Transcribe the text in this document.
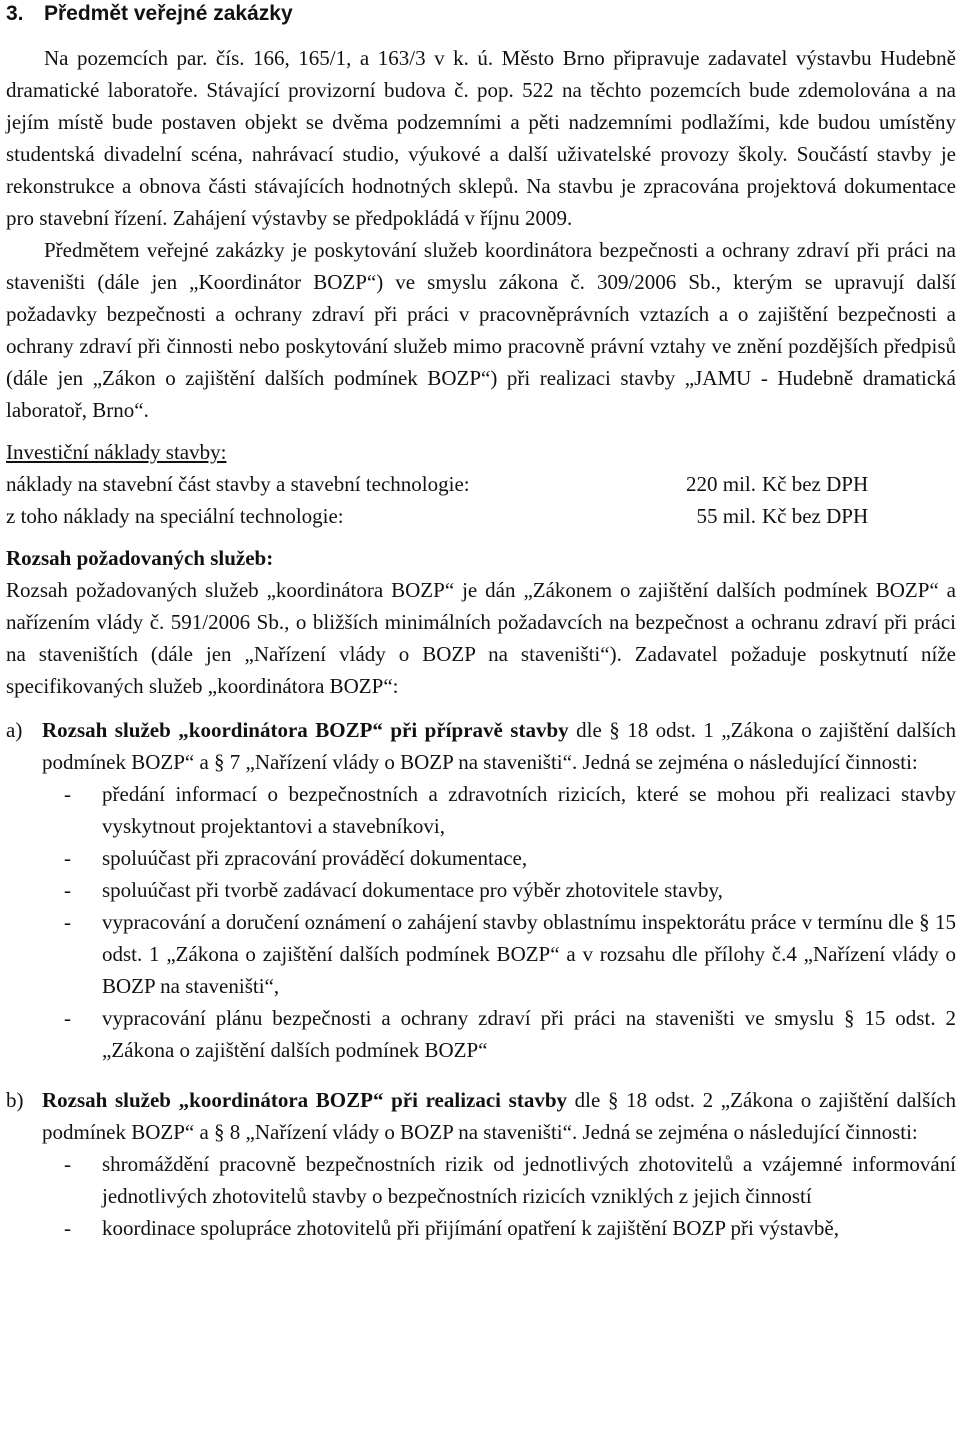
3. Předmět veřejné zakázky

Na pozemcích par. čís. 166, 165/1, a 163/3 v k. ú. Město Brno připravuje zadavatel výstavbu Hudebně dramatické laboratoře. Stávající provizorní budova č. pop. 522 na těchto pozemcích bude zdemolována a na jejím místě bude postaven objekt se dvěma podzemními a pěti nadzemními podlažími, kde budou umístěny studentská divadelní scéna, nahrávací studio, výukové a další uživatelské provozy školy. Součástí stavby je rekonstrukce a obnova části stávajících hodnotných sklepů. Na stavbu je zpracována projektová dokumentace pro stavební řízení. Zahájení výstavby se předpokládá v říjnu 2009.

Předmětem veřejné zakázky je poskytování služeb koordinátora bezpečnosti a ochrany zdraví při práci na staveništi (dále jen „Koordinátor BOZP“) ve smyslu zákona č. 309/2006 Sb., kterým se upravují další požadavky bezpečnosti a ochrany zdraví při práci v pracovněprávních vztazích a o zajištění bezpečnosti a ochrany zdraví při činnosti nebo poskytování služeb mimo pracovně právní vztahy ve znění pozdějších předpisů (dále jen „Zákon o zajištění dalších podmínek BOZP“) při realizaci stavby „JAMU - Hudebně dramatická laboratoř, Brno“.

Investiční náklady stavby:
náklady na stavební část stavby a stavební technologie:	220 mil. Kč bez DPH
z toho náklady na speciální technologie:	55 mil. Kč bez DPH
Rozsah požadovaných služeb:

Rozsah požadovaných služeb „koordinátora BOZP“ je dán „Zákonem o zajištění dalších podmínek BOZP“ a nařízením vlády č. 591/2006 Sb., o bližších minimálních požadavcích na bezpečnost a ochranu zdraví při práci na staveništích (dále jen „Nařízení vlády o BOZP na staveništi“). Zadavatel požaduje poskytnutí níže specifikovaných služeb „koordinátora BOZP“:

a) Rozsah služeb „koordinátora BOZP“ při přípravě stavby dle § 18 odst. 1 „Zákona o zajištění dalších podmínek BOZP“ a § 7 „Nařízení vlády o BOZP na staveništi“. Jedná se zejména o následující činnosti:
-	předání informací o bezpečnostních a zdravotních rizicích, které se mohou při realizaci stavby vyskytnout projektantovi a stavebníkovi,
-	spoluúčast při zpracování prováděcí dokumentace,
-	spoluúčast při tvorbě zadávací dokumentace pro výběr zhotovitele stavby,
-	vypracování a doručení oznámení o zahájení stavby oblastnímu inspektorátu práce v termínu dle § 15 odst. 1 „Zákona o zajištění dalších podmínek BOZP“ a v rozsahu dle přílohy č.4 „Nařízení vlády o BOZP na staveništi“,
-	vypracování plánu bezpečnosti a ochrany zdraví při práci na staveništi ve smyslu § 15 odst. 2 „Zákona o zajištění dalších podmínek BOZP“
b) Rozsah služeb „koordinátora BOZP“ při realizaci stavby dle § 18 odst. 2 „Zákona o zajištění dalších podmínek BOZP“ a § 8 „Nařízení vlády o BOZP na staveništi“. Jedná se zejména o následující činnosti:
-	shromáždění pracovně bezpečnostních rizik od jednotlivých zhotovitelů a vzájemné informování jednotlivých zhotovitelů stavby o bezpečnostních rizicích vzniklých z jejich činností
-	koordinace spolupráce zhotovitelů při přijímání opatření k zajištění BOZP při výstavbě,
